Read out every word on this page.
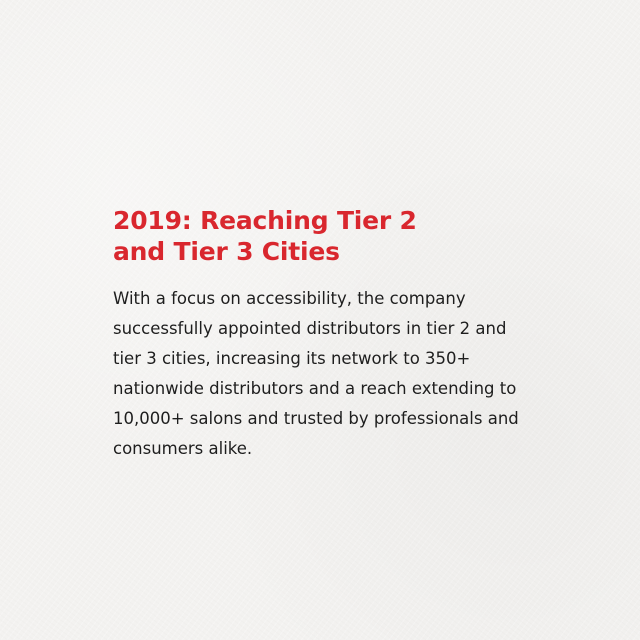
2019: Reaching Tier 2
and Tier 3 Cities

With a focus on accessibility, the company
successfully appointed distributors in tier 2 and
tier 3 cities, increasing its network to 350+
nationwide distributors and a reach extending to
10,000+ salons and trusted by professionals and
consumers alike.
